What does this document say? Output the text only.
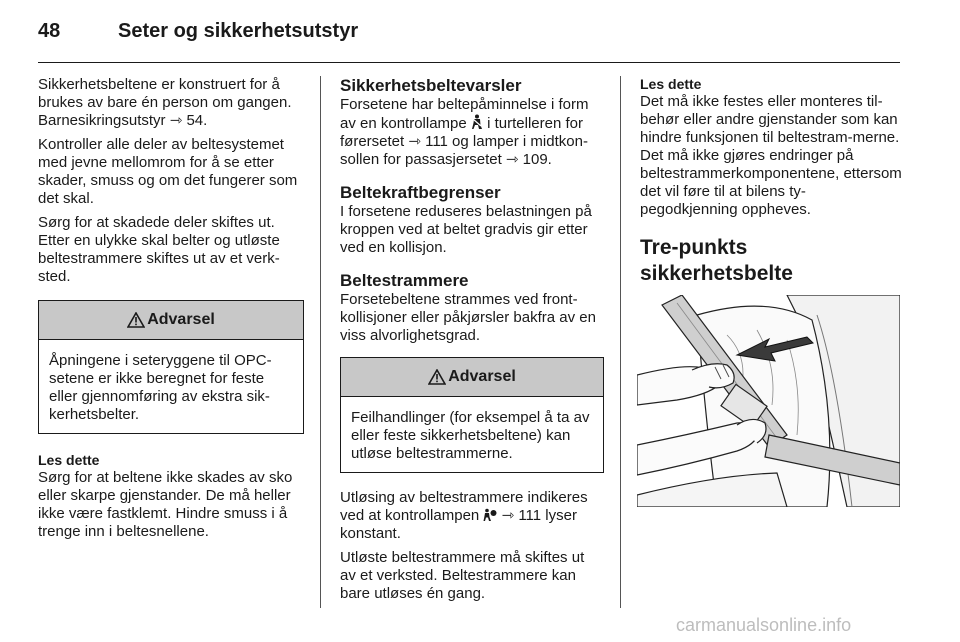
48	Seter og sikkerhetsutstyr

Sikkerhetsbeltene er konstruert for å brukes av bare én person om gangen. Barnesikringsutstyr ⇾ 54.

Kontroller alle deler av beltesystemet med jevne mellomrom for å se etter skader, smuss og om det fungerer som det skal.

Sørg for at skadede deler skiftes ut. Etter en ulykke skal belter og utløste beltestrammere skiftes ut av et verk-sted.

Advarsel

Åpningene i seteryggene til OPC-setene er ikke beregnet for feste eller gjennomføring av ekstra sik-kerhetsbelter.

Les dette

Sørg for at beltene ikke skades av sko eller skarpe gjenstander. De må heller ikke være fastklemt. Hindre smuss i å trenge inn i beltesnellene.

Sikkerhetsbeltevarsler

Forsetene har beltepåminnelse i form av en kontrollampe i turtelleren for førersetet ⇾ 111 og lamper i midtkon-sollen for passasjersetet ⇾ 109.

Beltekraftbegrenser

I forsetene reduseres belastningen på kroppen ved at beltet gradvis gir etter ved en kollisjon.

Beltestrammere

Forsetebeltene strammes ved front-kollisjoner eller påkjørsler bakfra av en viss alvorlighetsgrad.

Advarsel

Feilhandlinger (for eksempel å ta av eller feste sikkerhetsbeltene) kan utløse beltestrammerne.

Utløsing av beltestrammere indikeres ved at kontrollampen ⇾ 111 lyser konstant.

Utløste beltestrammere må skiftes ut av et verksted. Beltestrammere kan bare utløses én gang.

Les dette

Det må ikke festes eller monteres til-behør eller andre gjenstander som kan hindre funksjonen til beltestram-merne. Det må ikke gjøres endringer på beltestrammerkomponentene, ettersom det vil føre til at bilens ty-pegodkjenning oppheves.

Tre-punkts sikkerhetsbelte
carmanualsonline.info
